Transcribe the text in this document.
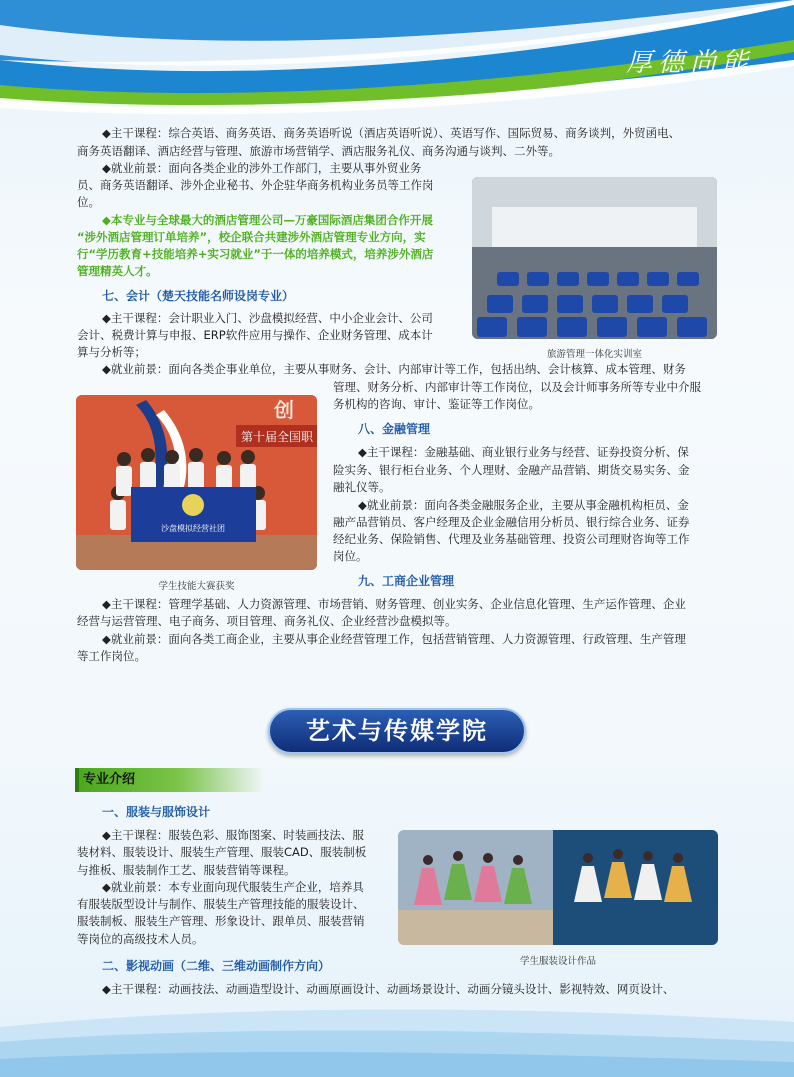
厚德尚能
◆主干课程：综合英语、商务英语、商务英语听说（酒店英语听说）、英语写作、国际贸易、商务谈判，外贸函电、
商务英语翻译、酒店经营与管理、旅游市场营销学、酒店服务礼仪、商务沟通与谈判、二外等。
◆就业前景：面向各类企业的涉外工作部门，主要从事外贸业务
员、商务英语翻译、涉外企业秘书、外企驻华商务机构业务员等工作岗
位。
◆本专业与全球最大的酒店管理公司—万豪国际酒店集团合作开展
“涉外酒店管理订单培养”，校企联合共建涉外酒店管理专业方向，实
行“学历教育+技能培养+实习就业”于一体的培养模式，培养涉外酒店
管理精英人才。
旅游管理一体化实训室
七、会计（楚天技能名师设岗专业）
◆主干课程：会计职业入门、沙盘模拟经营、中小企业会计、公司
会计、税费计算与申报、ERP软件应用与操作、企业财务管理、成本计
算与分析等；
◆就业前景：面向各类企事业单位，主要从事财务、会计、内部审计等工作，包括出纳、会计核算、成本管理、财务
管理、财务分析、内部审计等工作岗位，以及会计师事务所等专业中介服
务机构的咨询、审计、鉴证等工作岗位。
第十届全国职
创
沙盘模拟经营社团
学生技能大赛获奖
八、金融管理
◆主干课程：金融基础、商业银行业务与经营、证券投资分析、保
险实务、银行柜台业务、个人理财、金融产品营销、期货交易实务、金
融礼仪等。
◆就业前景：面向各类金融服务企业，主要从事金融机构柜员、金
融产品营销员、客户经理及企业金融信用分析员、银行综合业务、证券
经纪业务、保险销售、代理及业务基础管理、投资公司理财咨询等工作
岗位。
九、工商企业管理
◆主干课程：管理学基础、人力资源管理、市场营销、财务管理、创业实务、企业信息化管理、生产运作管理、企业
经营与运营管理、电子商务、项目管理、商务礼仪、企业经营沙盘模拟等。
◆就业前景：面向各类工商企业，主要从事企业经营管理工作，包括营销管理、人力资源管理、行政管理、生产管理
等工作岗位。
艺术与传媒学院
专业介绍
一、服装与服饰设计
◆主干课程：服装色彩、服饰图案、时装画技法、服
装材料、服装设计、服装生产管理、服装CAD、服装制板
与推板、服装制作工艺、服装营销等课程。
◆就业前景：本专业面向现代服装生产企业，培养具
有服装版型设计与制作、服装生产管理技能的服装设计、
服装制板、服装生产管理、形象设计、跟单员、服装营销
等岗位的高级技术人员。
学生服装设计作品
二、影视动画（二维、三维动画制作方向）
◆主干课程：动画技法、动画造型设计、动画原画设计、动画场景设计、动画分镜头设计、影视特效、网页设计、
